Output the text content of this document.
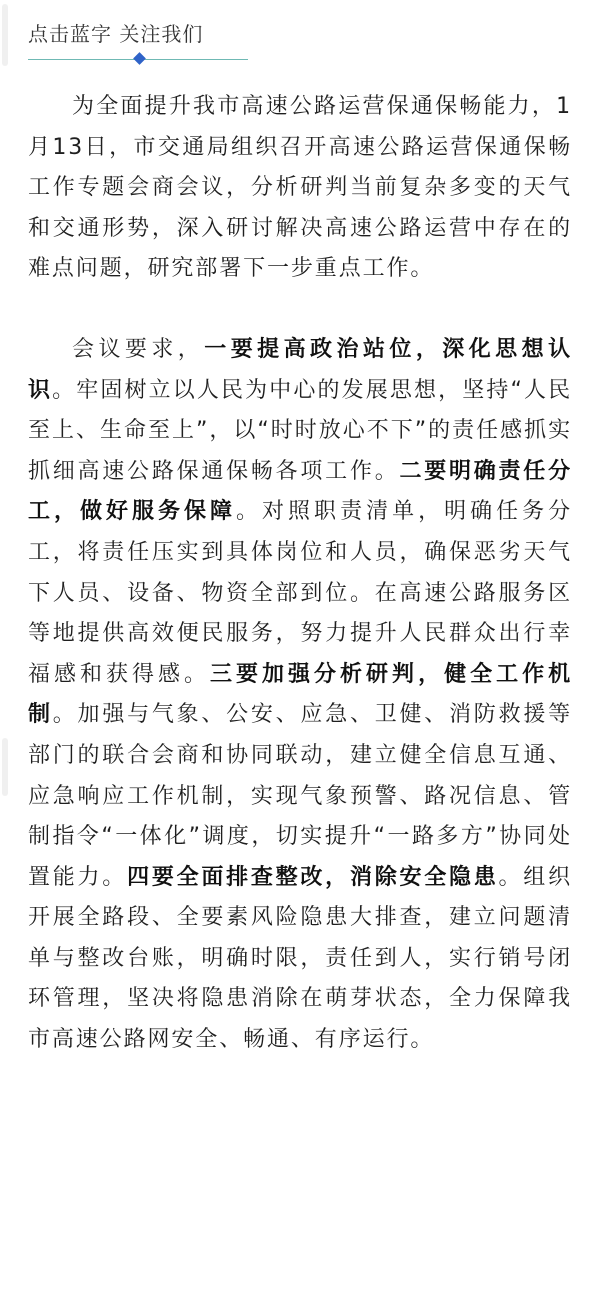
点击蓝字 关注我们

为全面提升我市高速公路运营保通保畅能力，1月13日，市交通局组织召开高速公路运营保通保畅工作专题会商会议，分析研判当前复杂多变的天气和交通形势，深入研讨解决高速公路运营中存在的难点问题，研究部署下一步重点工作。

会议要求，一要提高政治站位，深化思想认识。牢固树立以人民为中心的发展思想，坚持“人民至上、生命至上”，以“时时放心不下”的责任感抓实抓细高速公路保通保畅各项工作。二要明确责任分工，做好服务保障。对照职责清单，明确任务分工，将责任压实到具体岗位和人员，确保恶劣天气下人员、设备、物资全部到位。在高速公路服务区等地提供高效便民服务，努力提升人民群众出行幸福感和获得感。三要加强分析研判，健全工作机制。加强与气象、公安、应急、卫健、消防救援等部门的联合会商和协同联动，建立健全信息互通、应急响应工作机制，实现气象预警、路况信息、管制指令“一体化”调度，切实提升“一路多方”协同处置能力。四要全面排查整改，消除安全隐患。组织开展全路段、全要素风险隐患大排查，建立问题清单与整改台账，明确时限，责任到人，实行销号闭环管理，坚决将隐患消除在萌芽状态，全力保障我市高速公路网安全、畅通、有序运行。
